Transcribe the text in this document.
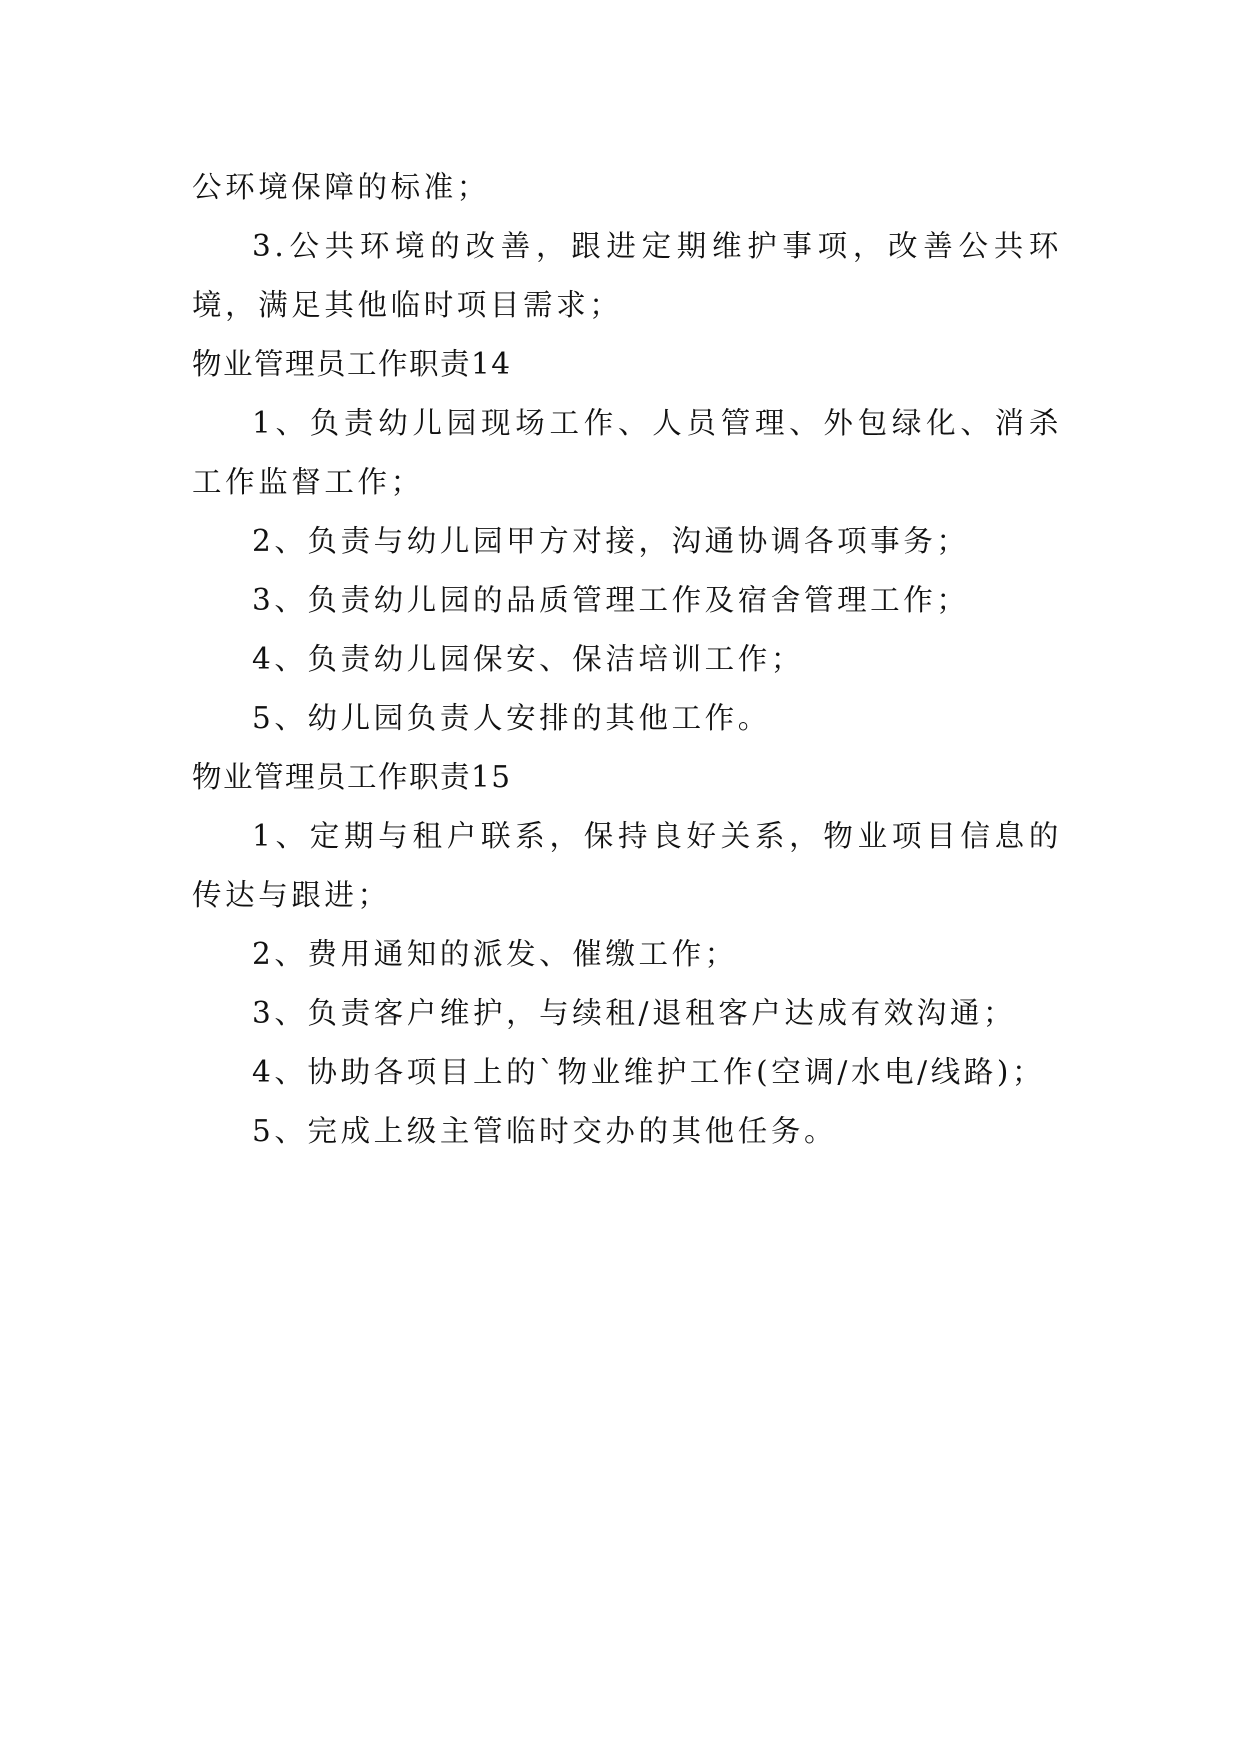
公环境保障的标准；

3.公共环境的改善，跟进定期维护事项，改善公共环境，满足其他临时项目需求；

物业管理员工作职责14

1、负责幼儿园现场工作、人员管理、外包绿化、消杀工作监督工作；

2、负责与幼儿园甲方对接，沟通协调各项事务；

3、负责幼儿园的品质管理工作及宿舍管理工作；

4、负责幼儿园保安、保洁培训工作；

5、幼儿园负责人安排的其他工作。

物业管理员工作职责15

1、定期与租户联系，保持良好关系，物业项目信息的传达与跟进；

2、费用通知的派发、催缴工作；

3、负责客户维护，与续租/退租客户达成有效沟通；

4、协助各项目上的`物业维护工作(空调/水电/线路)；

5、完成上级主管临时交办的其他任务。
